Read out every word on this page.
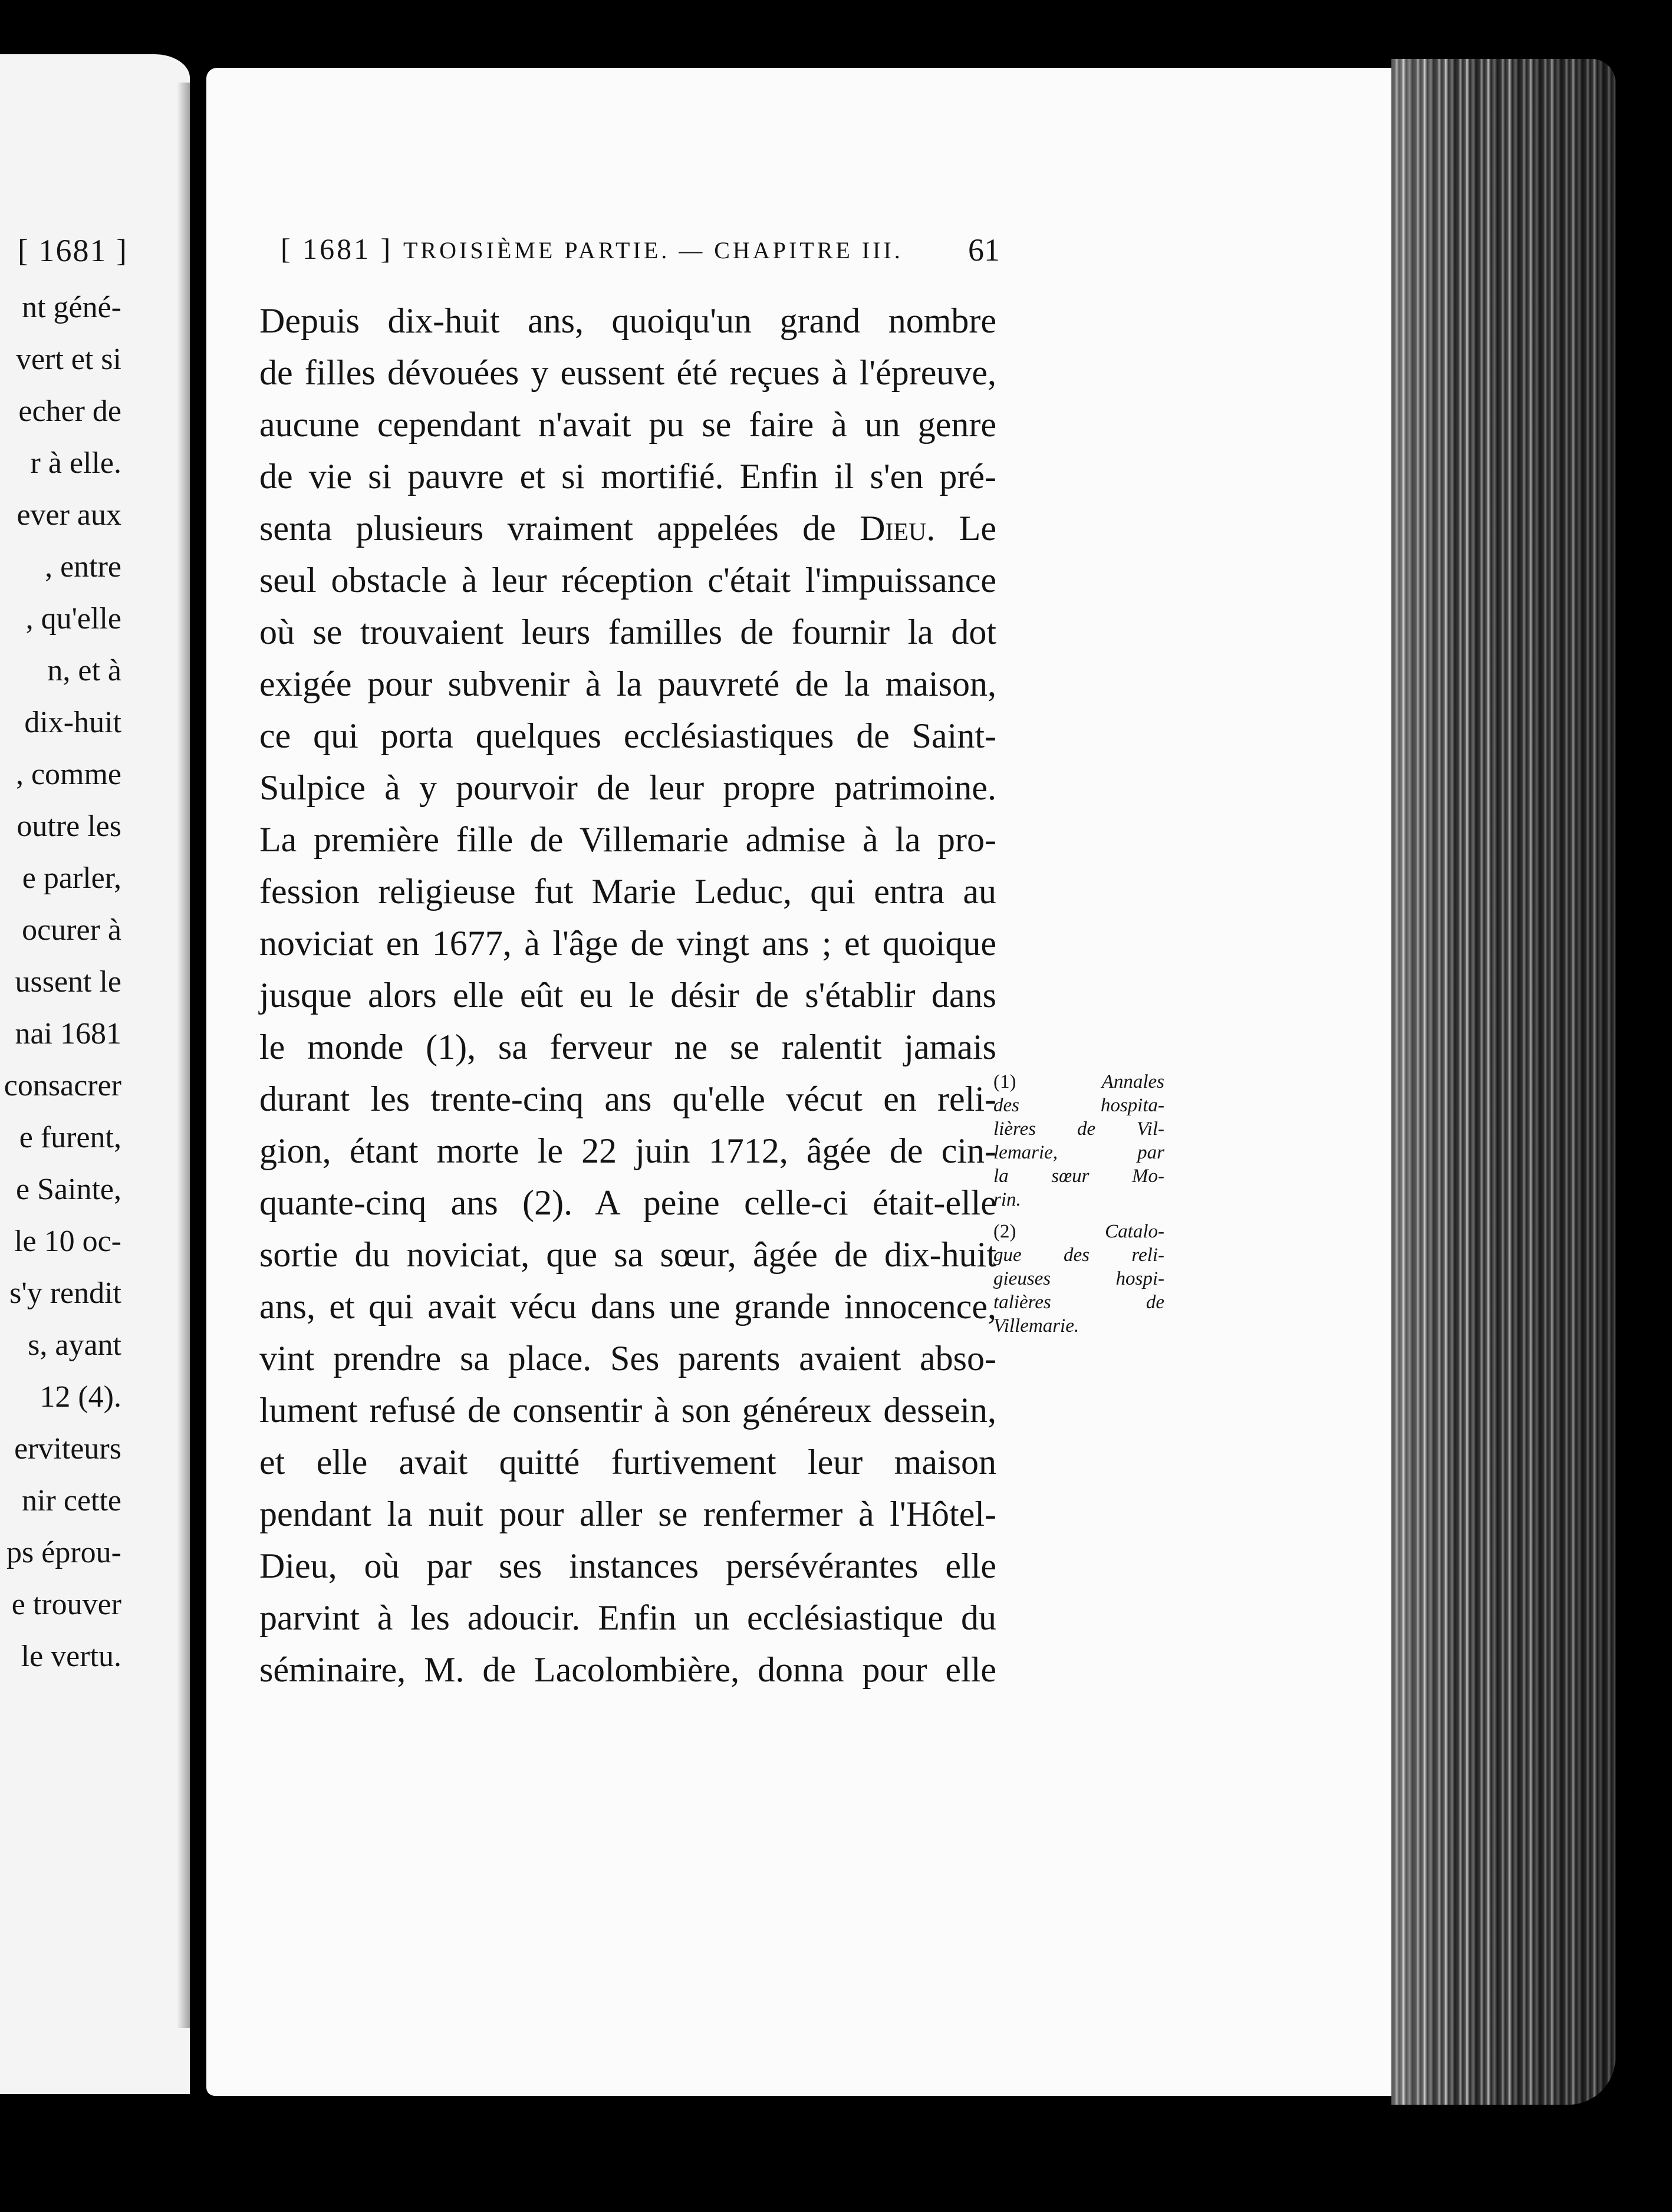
[ 1681 ]
nt géné-
vert et si
echer de
r à elle.
ever aux
, entre
, qu'elle
n, et à
dix-huit
, comme
outre les
e parler,
ocurer à
ussent le
nai 1681
consacrer
e furent,
e Sainte,
le 10 oc-
s'y rendit
s, ayant
12 (4).
erviteurs
nir cette
ps éprou-
e trouver
le vertu.
[ 1681 ] TROISIÈME PARTIE. — CHAPITRE III. 61
Depuis dix-huit ans, quoiqu'un grand nombre
de filles dévouées y eussent été reçues à l'épreuve,
aucune cependant n'avait pu se faire à un genre
de vie si pauvre et si mortifié. Enfin il s'en pré-
senta plusieurs vraiment appelées de Dieu. Le
seul obstacle à leur réception c'était l'impuissance
où se trouvaient leurs familles de fournir la dot
exigée pour subvenir à la pauvreté de la maison,
ce qui porta quelques ecclésiastiques de Saint-
Sulpice à y pourvoir de leur propre patrimoine.
La première fille de Villemarie admise à la pro-
fession religieuse fut Marie Leduc, qui entra au
noviciat en 1677, à l'âge de vingt ans ; et quoique
jusque alors elle eût eu le désir de s'établir dans
le monde (1), sa ferveur ne se ralentit jamais
durant les trente-cinq ans qu'elle vécut en reli-
gion, étant morte le 22 juin 1712, âgée de cin-
quante-cinq ans (2). A peine celle-ci était-elle
sortie du noviciat, que sa sœur, âgée de dix-huit
ans, et qui avait vécu dans une grande innocence,
vint prendre sa place. Ses parents avaient abso-
lument refusé de consentir à son généreux dessein,
et elle avait quitté furtivement leur maison
pendant la nuit pour aller se renfermer à l'Hôtel-
Dieu, où par ses instances persévérantes elle
parvint à les adoucir. Enfin un ecclésiastique du
séminaire, M. de Lacolombière, donna pour elle
(1)	Annales
des hospita-
lières de Vil-
lemarie, par
la sœur Mo-
rin.
(2)	Catalo-
gue des reli-
gieuses hospi-
talières de
Villemarie.
